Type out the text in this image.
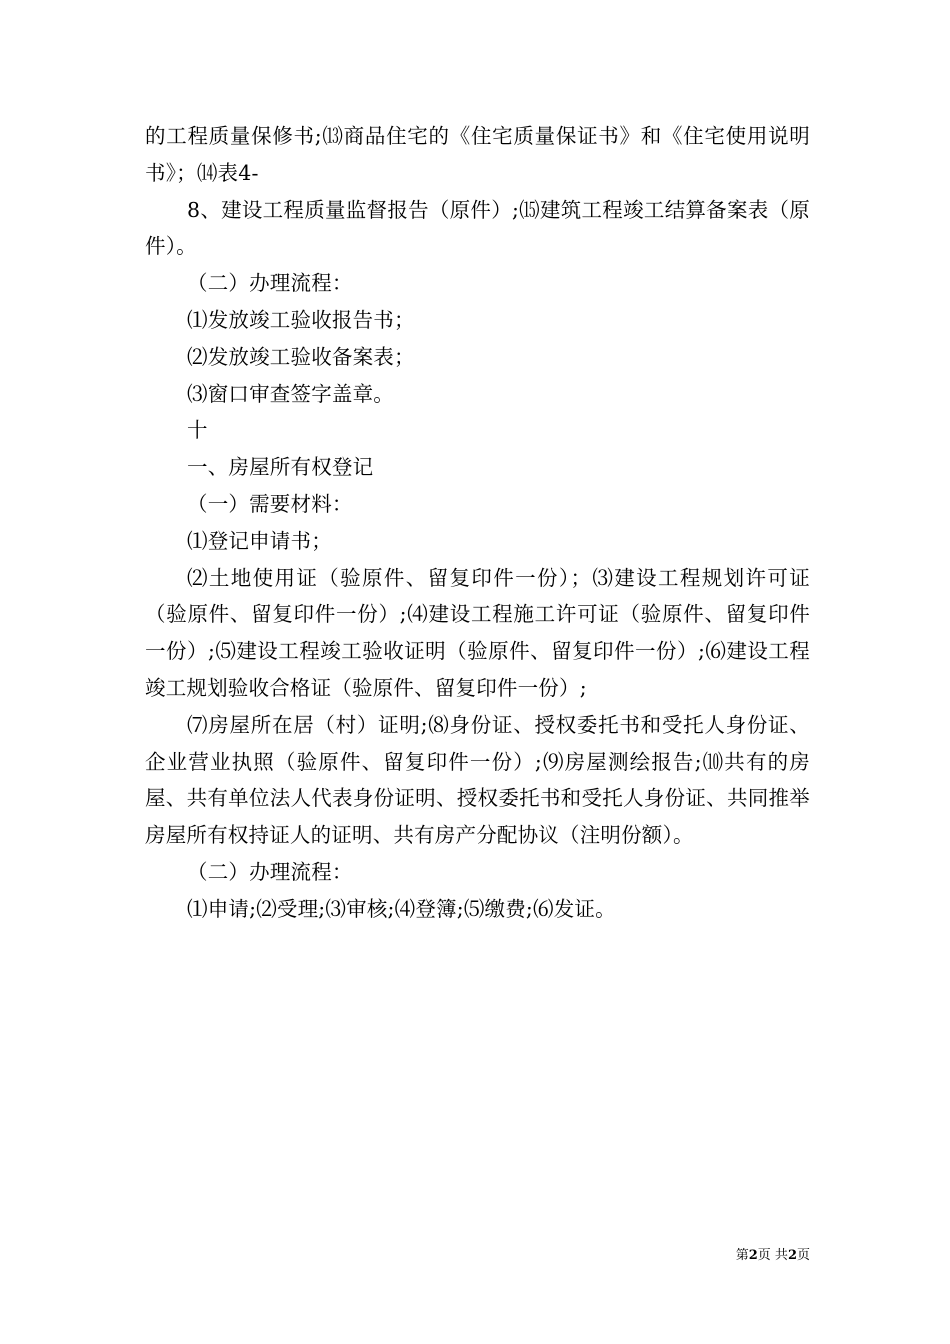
的工程质量保修书;⒀商品住宅的《住宅质量保证书》和《住宅使用说明书》；⒁表4-

8、建设工程质量监督报告（原件）;⒂建筑工程竣工结算备案表（原件）。

（二）办理流程：

⑴发放竣工验收报告书；

⑵发放竣工验收备案表；

⑶窗口审查签字盖章。

十

一、房屋所有权登记

（一）需要材料：

⑴登记申请书；

⑵土地使用证（验原件、留复印件一份）；⑶建设工程规划许可证（验原件、留复印件一份）;⑷建设工程施工许可证（验原件、留复印件一份）;⑸建设工程竣工验收证明（验原件、留复印件一份）;⑹建设工程竣工规划验收合格证（验原件、留复印件一份）;

⑺房屋所在居（村）证明;⑻身份证、授权委托书和受托人身份证、企业营业执照（验原件、留复印件一份）;⑼房屋测绘报告;⑽共有的房屋、共有单位法人代表身份证明、授权委托书和受托人身份证、共同推举房屋所有权持证人的证明、共有房产分配协议（注明份额）。

（二）办理流程：

⑴申请;⑵受理;⑶审核;⑷登簿;⑸缴费;⑹发证。

第2页 共2页
